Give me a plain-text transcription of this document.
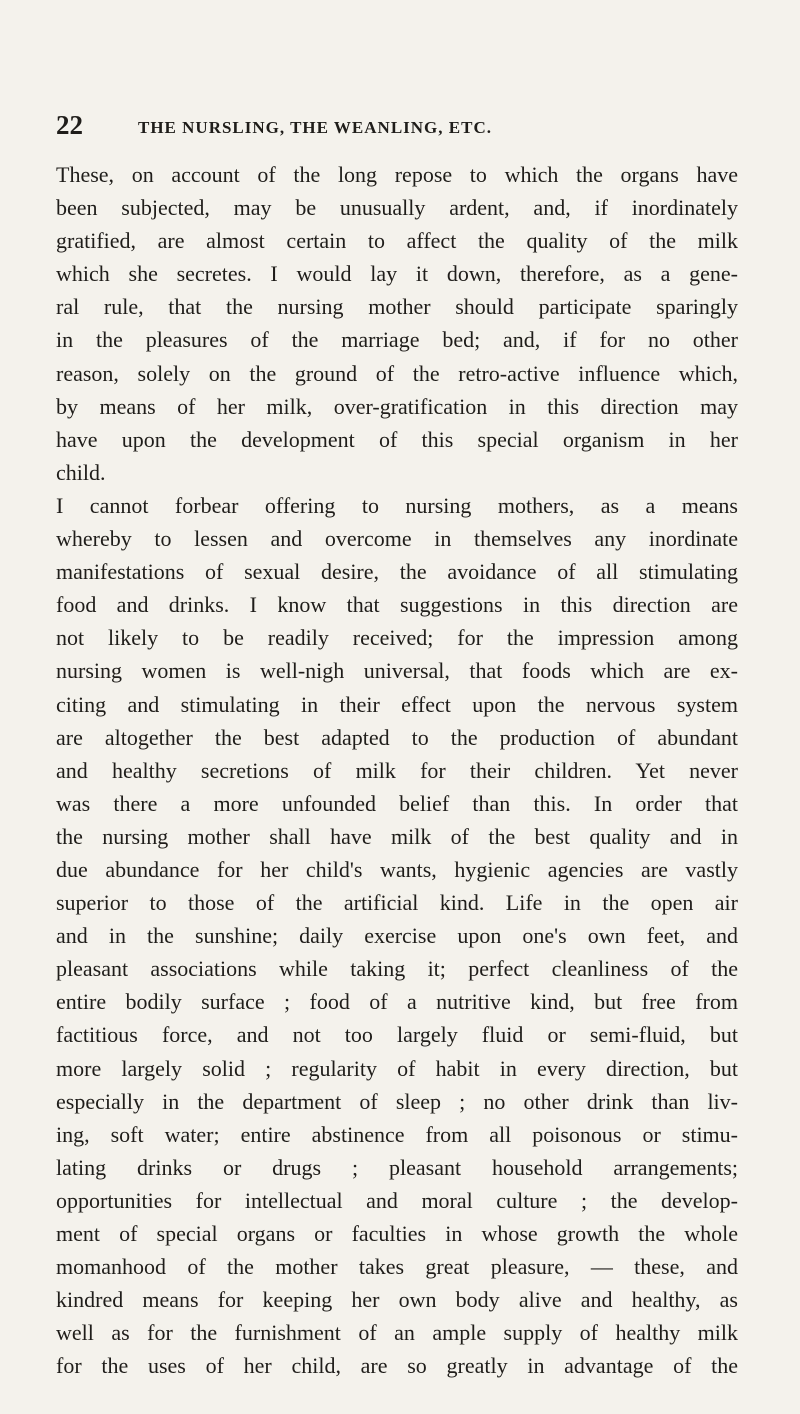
22	THE NURSLING, THE WEANLING, ETC.

These, on account of the long repose to which the organs have
been subjected, may be unusually ardent, and, if inordinately
gratified, are almost certain to affect the quality of the milk
which she secretes. I would lay it down, therefore, as a gene-
ral rule, that the nursing mother should participate sparingly
in the pleasures of the marriage bed; and, if for no other
reason, solely on the ground of the retro-active influence which,
by means of her milk, over-gratification in this direction may
have upon the development of this special organism in her
child.

I cannot forbear offering to nursing mothers, as a means
whereby to lessen and overcome in themselves any inordinate
manifestations of sexual desire, the avoidance of all stimulating
food and drinks. I know that suggestions in this direction are
not likely to be readily received; for the impression among
nursing women is well-nigh universal, that foods which are ex-
citing and stimulating in their effect upon the nervous system
are altogether the best adapted to the production of abundant
and healthy secretions of milk for their children. Yet never
was there a more unfounded belief than this. In order that
the nursing mother shall have milk of the best quality and in
due abundance for her child's wants, hygienic agencies are vastly
superior to those of the artificial kind. Life in the open air
and in the sunshine; daily exercise upon one's own feet, and
pleasant associations while taking it; perfect cleanliness of the
entire bodily surface ; food of a nutritive kind, but free from
factitious force, and not too largely fluid or semi-fluid, but
more largely solid ; regularity of habit in every direction, but
especially in the department of sleep ; no other drink than liv-
ing, soft water; entire abstinence from all poisonous or stimu-
lating drinks or drugs ; pleasant household arrangements;
opportunities for intellectual and moral culture ; the develop-
ment of special organs or faculties in whose growth the whole
momanhood of the mother takes great pleasure, — these, and
kindred means for keeping her own body alive and healthy, as
well as for the furnishment of an ample supply of healthy milk
for the uses of her child, are so greatly in advantage of the
